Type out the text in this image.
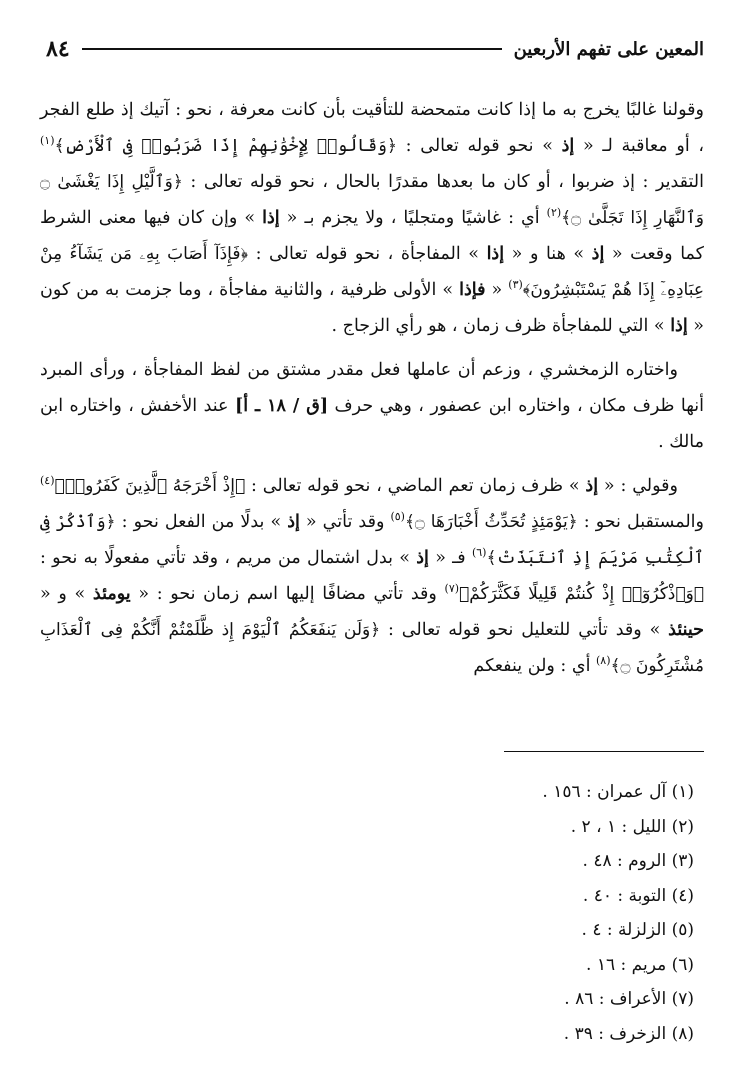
المعين على تفهم الأربعين
٨٤

وقولنا غالبًا يخرج به ما إذا كانت متمحضة للتأقيت بأن كانت معرفة ، نحو : آتيك إذ طلع الفجر ، أو معاقبة لـ « إذ » نحو قوله تعالى : ﴿وَقَالُوا۟ لِإِخْوَٰنِهِمْ إِذَا ضَرَبُوا۟ فِى ٱلْأَرْضِ﴾$^{(١)}$ التقدير : إذ ضربوا ، أو كان ما بعدها مقدرًا بالحال ، نحو قوله تعالى : ﴿وَٱلَّيْلِ إِذَا يَغْشَىٰ ۝ وَٱلنَّهَارِ إِذَا تَجَلَّىٰ ۝﴾$^{(٢)}$ أي : غاشيًا ومتجليًا ، ولا يجزم بـ « إذا » وإن كان فيها معنى الشرط كما وقعت « إذ » هنا و « إذا » المفاجأة ، نحو قوله تعالى : ﴿فَإِذَآ أَصَابَ بِهِۦ مَن يَشَآءُ مِنْ عِبَادِهِۦٓ إِذَا هُمْ يَسْتَبْشِرُونَ﴾$^{(٣)}$ « فإذا » الأولى ظرفية ، والثانية مفاجأة ، وما جزمت به من كون « إذا » التي للمفاجأة ظرف زمان ، هو رأي الزجاج .

واختاره الزمخشري ، وزعم أن عاملها فعل مقدر مشتق من لفظ المفاجأة ، ورأى المبرد أنها ظرف مكان ، واختاره ابن عصفور ، وهي حرف [ق / ١٨ ـ أ] عند الأخفش ، واختاره ابن مالك .

وقولي : « إذ » ظرف زمان تعم الماضي ، نحو قوله تعالى : ﴿إِذْ أَخْرَجَهُ ٱلَّذِينَ كَفَرُوا۟﴾$^{(٤)}$ والمستقبل نحو : ﴿يَوْمَئِذٍ تُحَدِّثُ أَخْبَارَهَا ۝﴾$^{(٥)}$ وقد تأتي « إذ » بدلًا من الفعل نحو : ﴿وَٱذْكُرْ فِى ٱلْكِتَٰبِ مَرْيَمَ إِذِ ٱنتَبَذَتْ﴾$^{(٦)}$ فـ « إذ » بدل اشتمال من مريم ، وقد تأتي مفعولًا به نحو : ﴿وَٱذْكُرُوٓا۟ إِذْ كُنتُمْ قَلِيلًا فَكَثَّرَكُمْ﴾$^{(٧)}$ وقد تأتي مضافًا إليها اسم زمان نحو : « يومئذ » و « حينئذ » وقد تأتي للتعليل نحو قوله تعالى : ﴿وَلَن يَنفَعَكُمُ ٱلْيَوْمَ إِذ ظَّلَمْتُمْ أَنَّكُمْ فِى ٱلْعَذَابِ مُشْتَرِكُونَ ۝﴾$^{(٨)}$ أي : ولن ينفعكم

(١) آل عمران : ١٥٦ .
(٢) الليل : ١ ، ٢ .
(٣) الروم : ٤٨ .
(٤) التوبة : ٤٠ .
(٥) الزلزلة : ٤ .
(٦) مريم : ١٦ .
(٧) الأعراف : ٨٦ .
(٨) الزخرف : ٣٩ .
